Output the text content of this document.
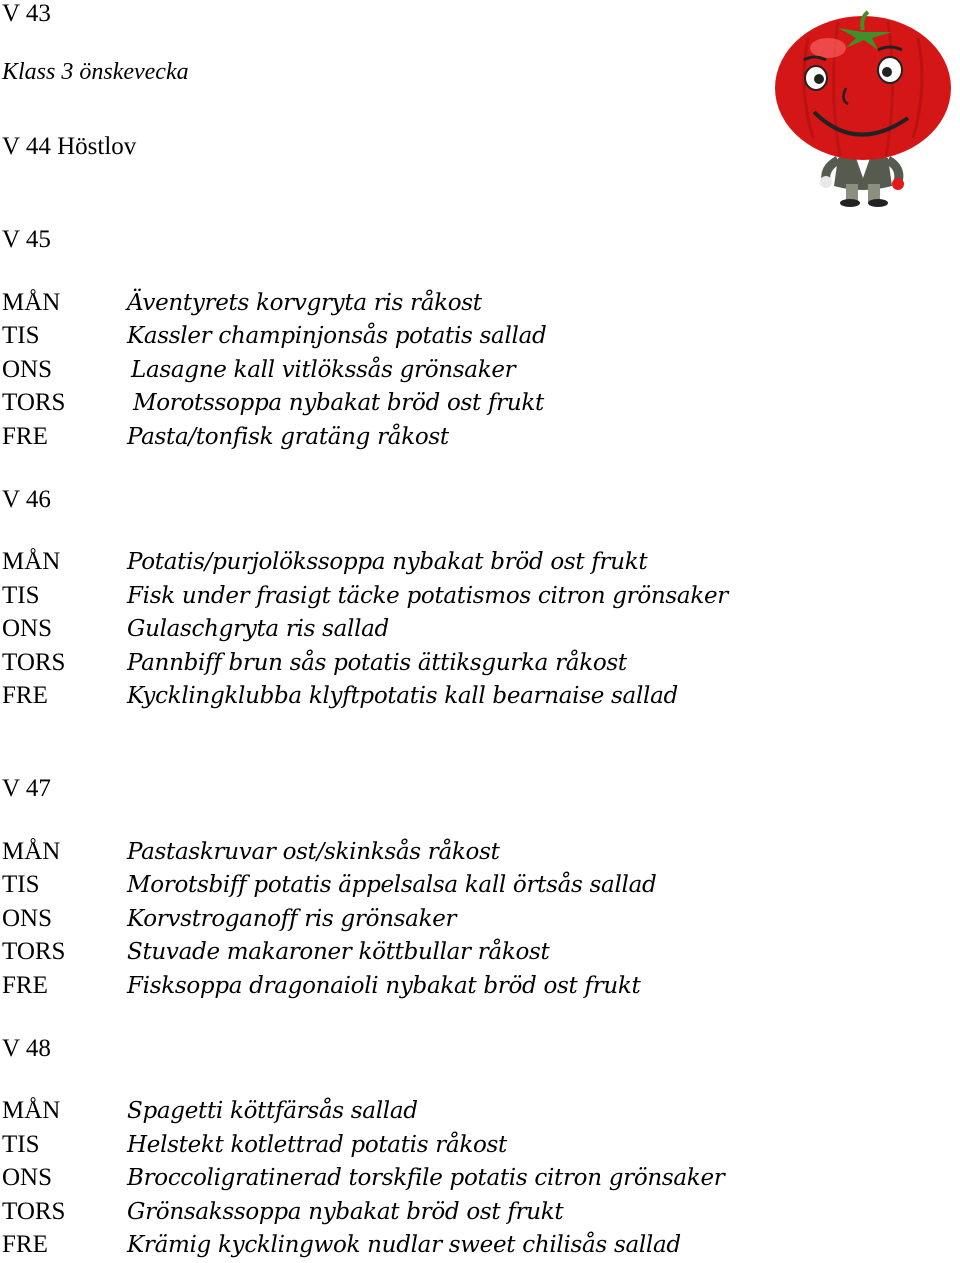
V 43
Klass 3 önskevecka
V 44 Höstlov
V 45
MÅN	Äventyrets korvgryta ris råkost
TIS	Kassler champinjonsås potatis sallad
ONS	Lasagne kall vitlökssås grönsaker
TORS	Morotssoppa nybakat bröd ost frukt
FRE	Pasta/tonfisk gratäng råkost
V 46
MÅN	Potatis/purjolökssoppa nybakat bröd ost frukt
TIS	Fisk under frasigt täcke potatismos citron grönsaker
ONS	Gulaschgryta ris sallad
TORS	Pannbiff brun sås potatis ättiksgurka råkost
FRE	Kycklingklubba klyftpotatis kall bearnaise sallad
V 47
MÅN	Pastaskruvar ost/skinksås råkost
TIS	Morotsbiff potatis äppelsalsa kall örtsås sallad
ONS	Korvstroganoff ris grönsaker
TORS	Stuvade makaroner köttbullar råkost
FRE	Fisksoppa dragonaioli nybakat bröd ost frukt
V 48
MÅN	Spagetti köttfärsås sallad
TIS	Helstekt kotlettrad potatis råkost
ONS	Broccoligratinerad torskfile potatis citron grönsaker
TORS	Grönsakssoppa nybakat bröd ost frukt
FRE	Krämig kycklingwok nudlar sweet chilisås sallad
